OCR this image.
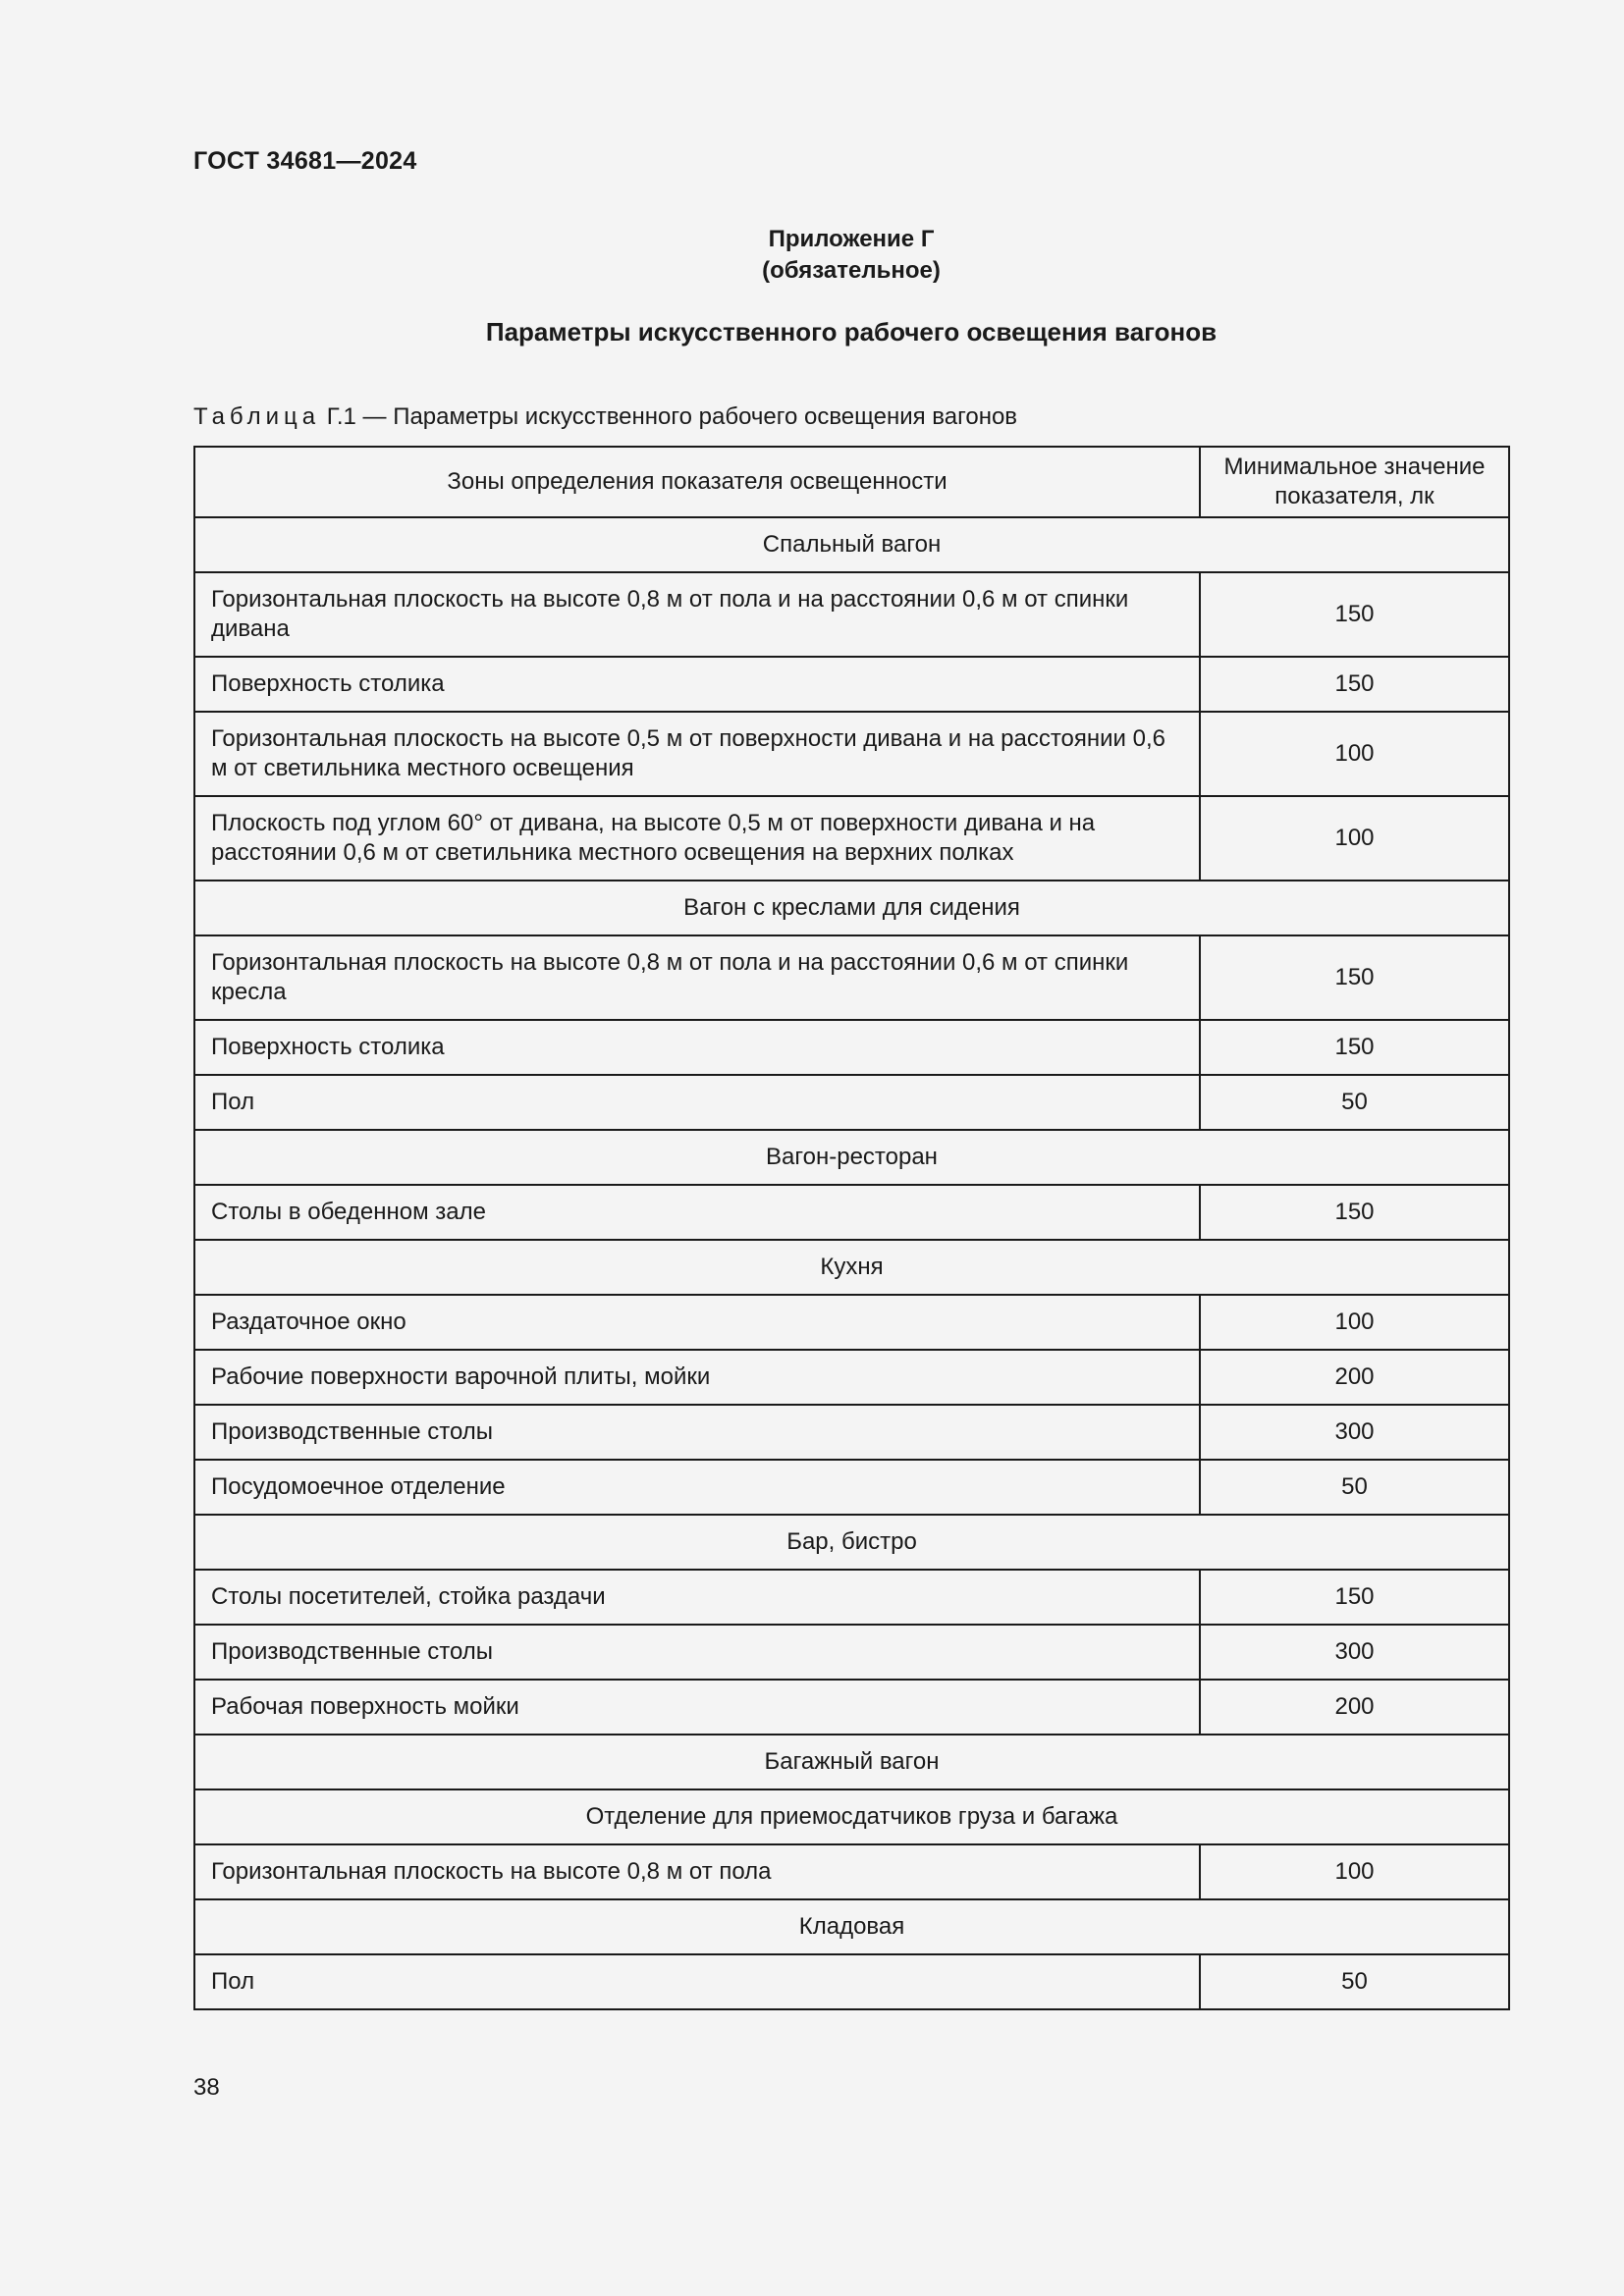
ГОСТ 34681—2024
Приложение Г
(обязательное)
Параметры искусственного рабочего освещения вагонов
Таблица Г.1 — Параметры искусственного рабочего освещения вагонов
Зоны определения показателя освещенности	Минимальное значение показателя, лк
Спальный вагон	
Горизонтальная плоскость на высоте 0,8 м от пола и на расстоянии 0,6 м от спинки дивана	150
Поверхность столика	150
Горизонтальная плоскость на высоте 0,5 м от поверхности дивана и на расстоянии 0,6 м от светильника местного освещения	100
Плоскость под углом 60° от дивана, на высоте 0,5 м от поверхности дивана и на расстоянии 0,6 м от светильника местного освещения на верхних полках	100
Вагон с креслами для сидения	
Горизонтальная плоскость на высоте 0,8 м от пола и на расстоянии 0,6 м от спинки кресла	150
Поверхность столика	150
Пол	50
Вагон-ресторан	
Столы в обеденном зале	150
Кухня	
Раздаточное окно	100
Рабочие поверхности варочной плиты, мойки	200
Производственные столы	300
Посудомоечное отделение	50
Бар, бистро	
Столы посетителей, стойка раздачи	150
Производственные столы	300
Рабочая поверхность мойки	200
Багажный вагон	
Отделение для приемосдатчиков груза и багажа	
Горизонтальная плоскость на высоте 0,8 м от пола	100
Кладовая	
Пол	50
38
